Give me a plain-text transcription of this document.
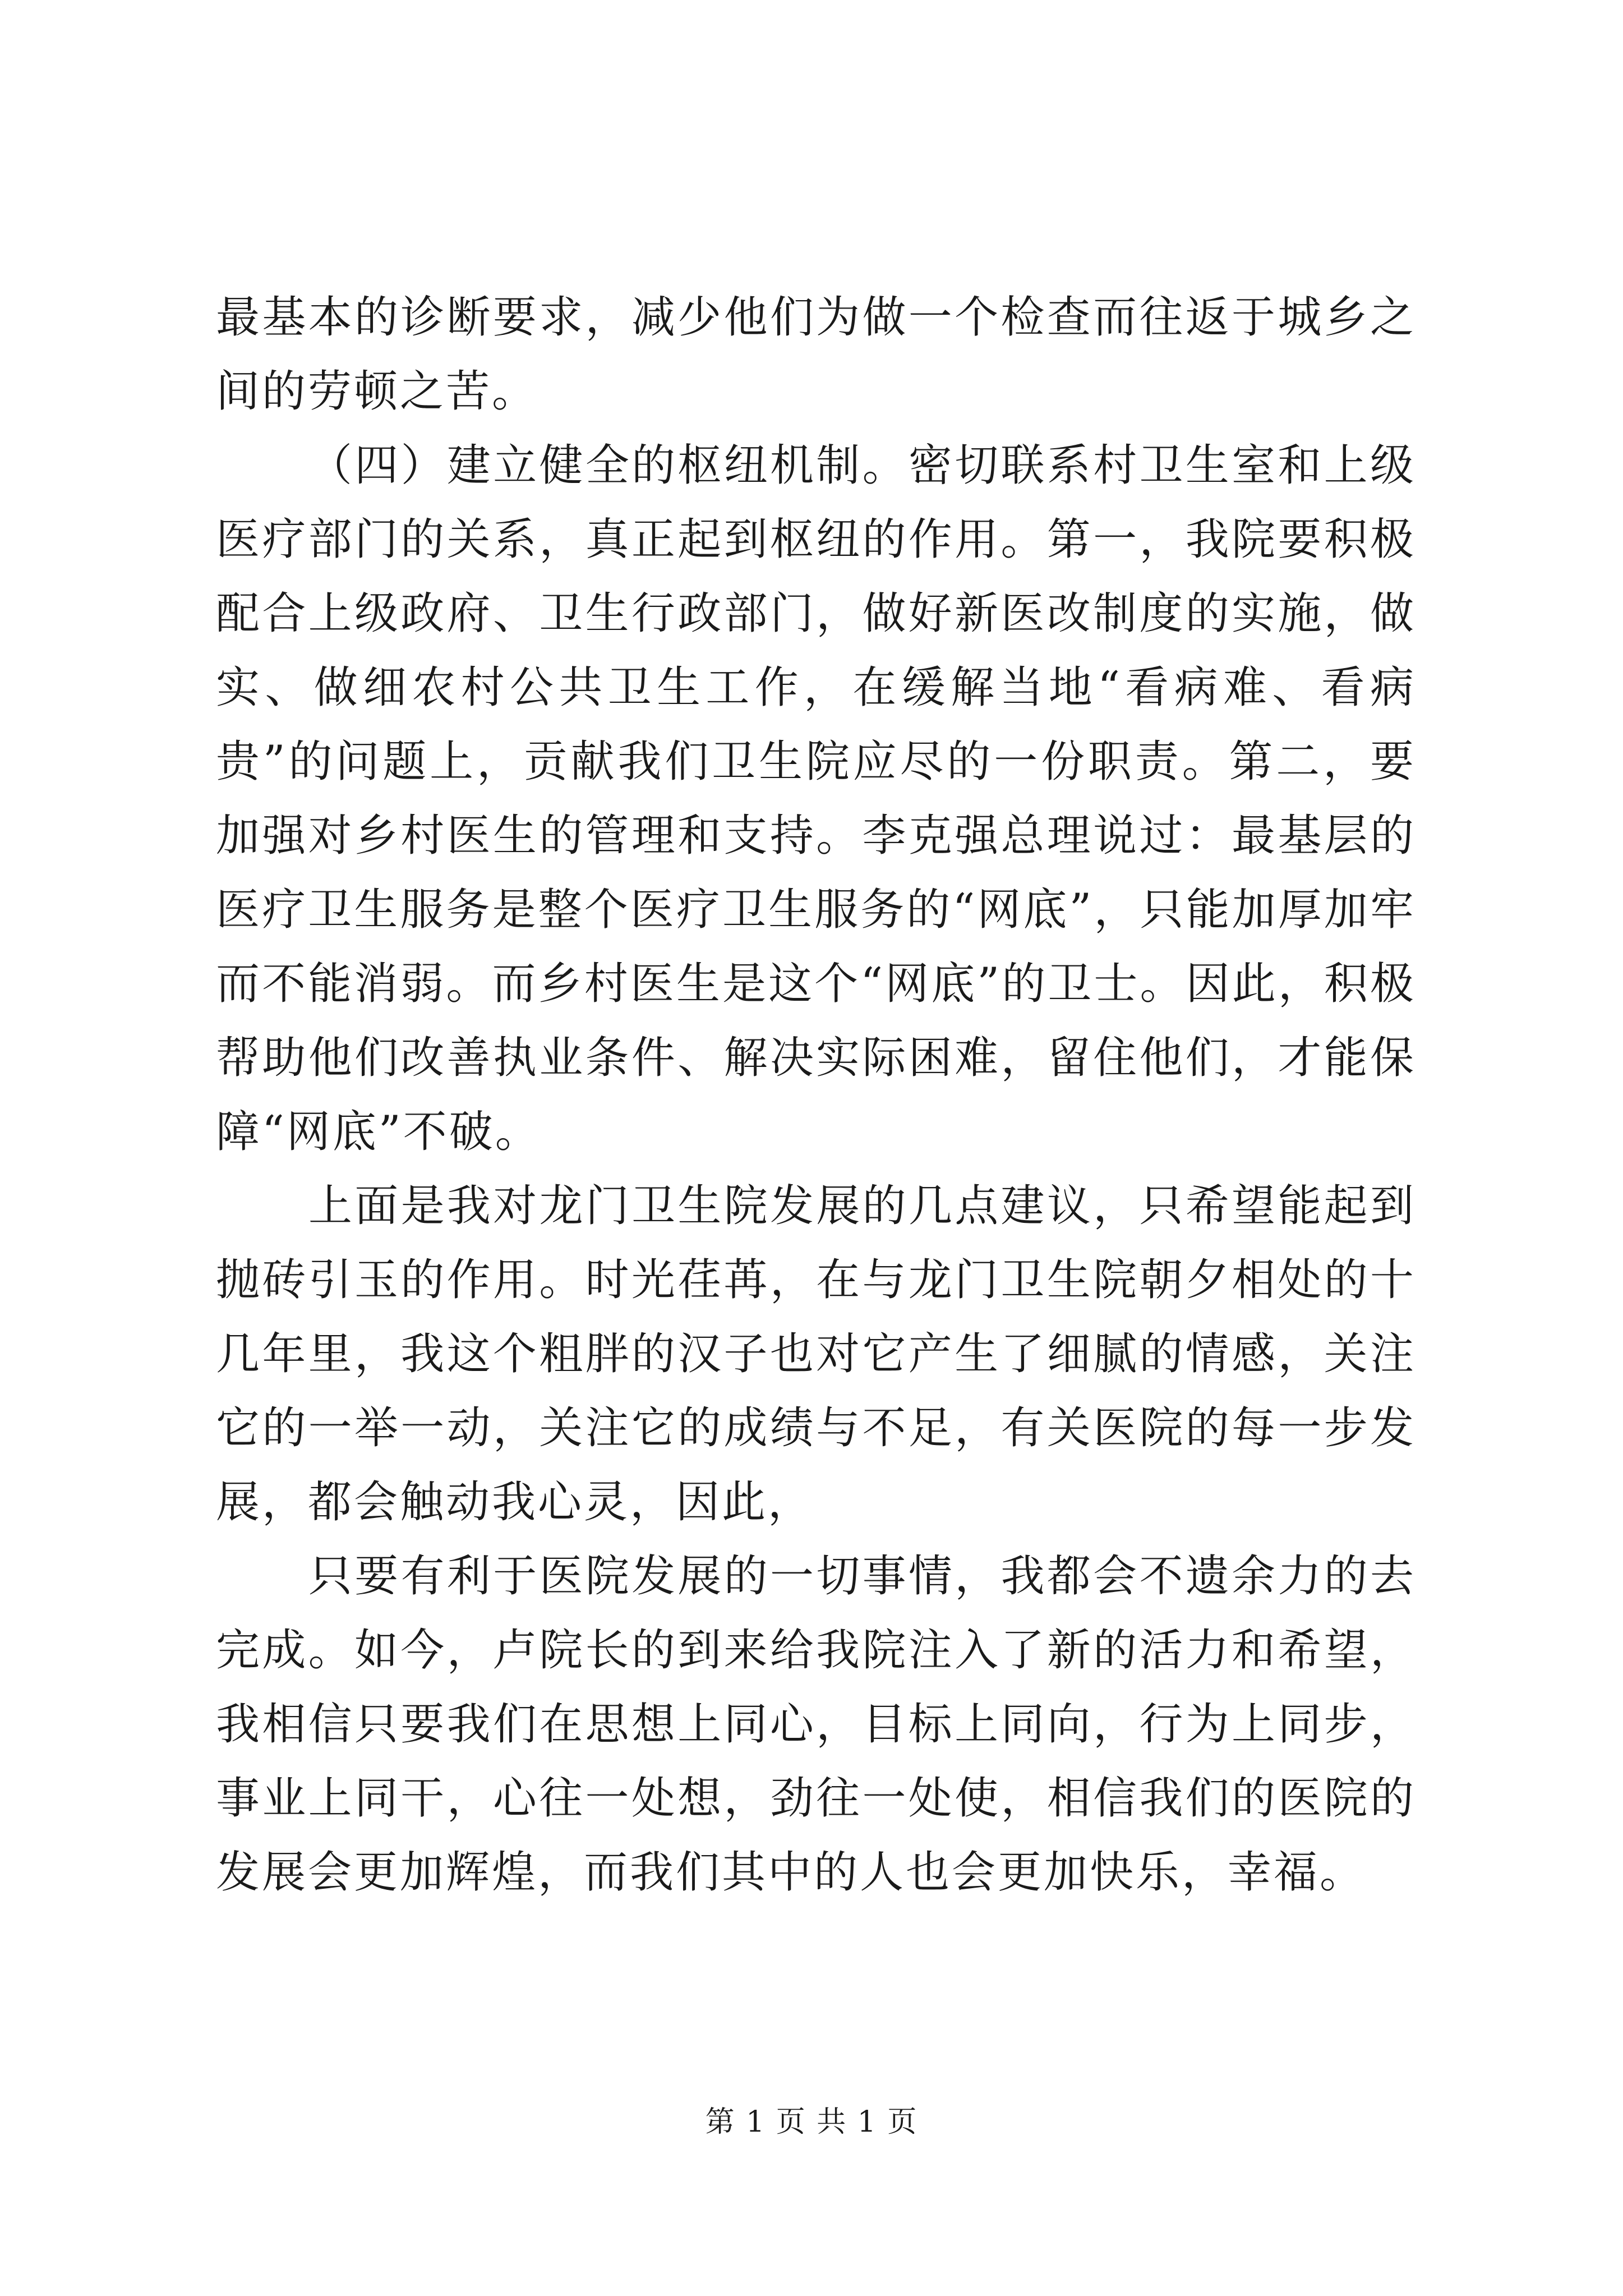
最基本的诊断要求，减少他们为做一个检查而往返于城乡之间的劳顿之苦。

（四）建立健全的枢纽机制。密切联系村卫生室和上级医疗部门的关系，真正起到枢纽的作用。第一，我院要积极配合上级政府、卫生行政部门，做好新医改制度的实施，做实、做细农村公共卫生工作，在缓解当地“看病难、看病贵”的问题上，贡献我们卫生院应尽的一份职责。第二，要加强对乡村医生的管理和支持。李克强总理说过：最基层的医疗卫生服务是整个医疗卫生服务的“网底”，只能加厚加牢而不能消弱。而乡村医生是这个“网底”的卫士。因此，积极帮助他们改善执业条件、解决实际困难，留住他们，才能保障“网底”不破。

上面是我对龙门卫生院发展的几点建议，只希望能起到抛砖引玉的作用。时光荏苒，在与龙门卫生院朝夕相处的十几年里，我这个粗胖的汉子也对它产生了细腻的情感，关注它的一举一动，关注它的成绩与不足，有关医院的每一步发展，都会触动我心灵，因此，

只要有利于医院发展的一切事情，我都会不遗余力的去完成。如今，卢院长的到来给我院注入了新的活力和希望，我相信只要我们在思想上同心，目标上同向，行为上同步，事业上同干，心往一处想，劲往一处使，相信我们的医院的发展会更加辉煌，而我们其中的人也会更加快乐，幸福。

第 1 页 共 1 页
